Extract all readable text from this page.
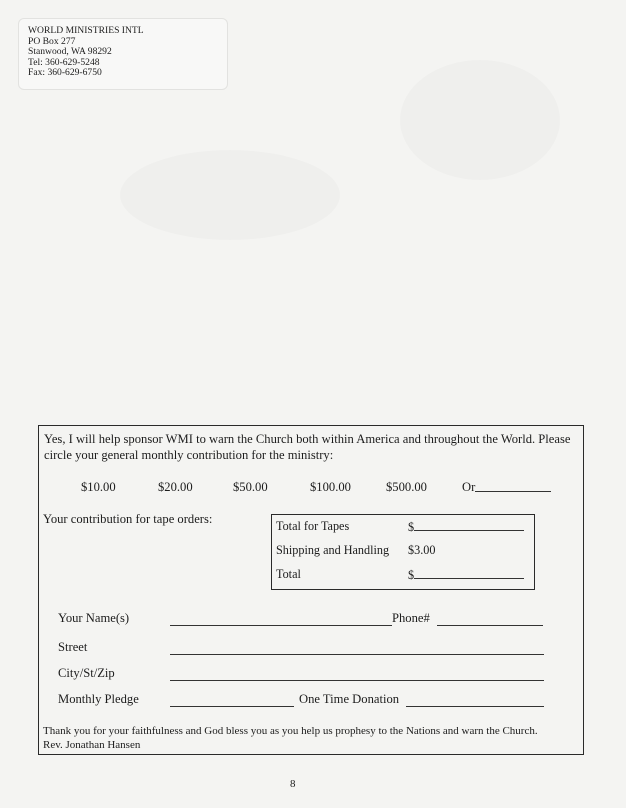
WORLD MINISTRIES INTL
PO Box 277
Stanwood, WA 98292
Tel: 360-629-5248
Fax: 360-629-6750
Yes, I will help sponsor WMI to warn the Church both within America and throughout the World. Please circle your general monthly contribution for the ministry:
$10.00	$20.00	$50.00	$100.00	$500.00	Or
Your contribution for tape orders:	Total for Tapes	$
Shipping and Handling $3.00
Total	$
Your Name(s)	Phone#
Street
City/St/Zip
Monthly Pledge	One Time Donation
Thank you for your faithfulness and God bless you as you help us prophesy to the Nations and warn the Church.
Rev. Jonathan Hansen
8
